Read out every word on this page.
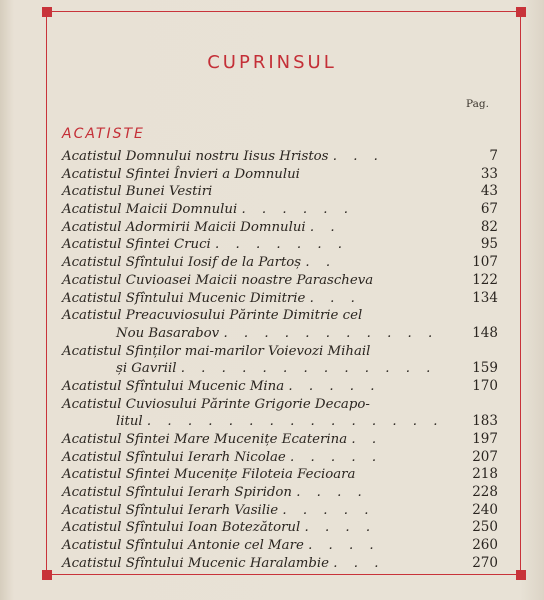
CUPRINSUL
Pag.
ACATISTE
Acatistul Domnului nostru Iisus Hristos . . .	7
Acatistul Sfintei Învieri a Domnului	33
Acatistul Bunei Vestiri	43
Acatistul Maicii Domnului . . . . . .	67
Acatistul Adormirii Maicii Domnului . .	82
Acatistul Sfintei Cruci . . . . . . .	95
Acatistul Sfîntului Iosif de la Partoș . .	107
Acatistul Cuvioasei Maicii noastre Parascheva	122
Acatistul Sfîntului Mucenic Dimitrie . . .	134
Acatistul Preacuviosului Părinte Dimitrie cel
Nou Basarabov . . . . . . . . . . .	148
Acatistul Sfinților mai-marilor Voievozi Mihail
și Gavriil . . . . . . . . . . . . .	159
Acatistul Sfîntului Mucenic Mina . . . . .	170
Acatistul Cuviosului Părinte Grigorie Decapo-
litul . . . . . . . . . . . . . . .	183
Acatistul Sfintei Mare Mucenițe Ecaterina . .	197
Acatistul Sfîntului Ierarh Nicolae . . . . .	207
Acatistul Sfintei Mucenițe Filoteia Fecioara	218
Acatistul Sfîntului Ierarh Spiridon . . . .	228
Acatistul Sfîntului Ierarh Vasilie . . . . .	240
Acatistul Sfîntului Ioan Botezătorul . . . .	250
Acatistul Sfîntului Antonie cel Mare . . . .	260
Acatistul Sfîntului Mucenic Haralambie . . .	270
